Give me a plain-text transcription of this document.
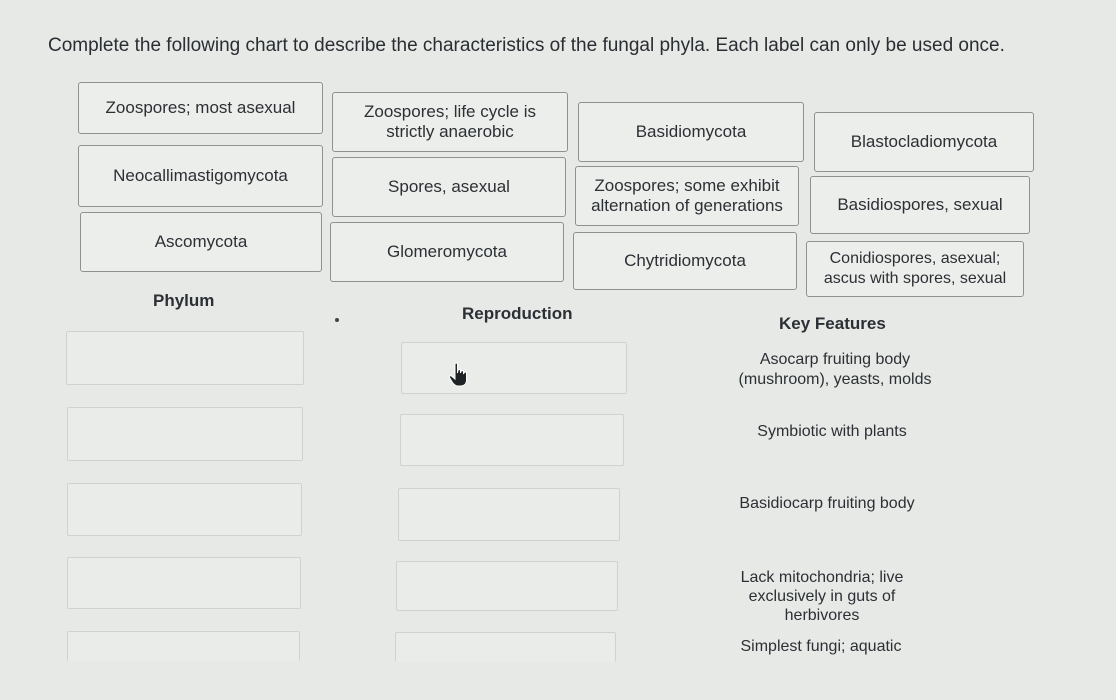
Complete the following chart to describe the characteristics of the fungal phyla. Each label can only be used once.
Zoospores; most asexual	Zoospores; life cycle is strictly anaerobic	Basidiomycota
Blastocladiomycota
Neocallimastigomycota
Spores, asexual	Zoospores; some exhibit alternation of generations	Basidiospores, sexual
Ascomycota
Glomeromycota	Chytridiomycota	Conidiospores, asexual; ascus with spores, sexual
Phylum
Reproduction
Key Features
Asocarp fruiting body (mushroom), yeasts, molds
Symbiotic with plants
Basidiocarp fruiting body
Lack mitochondria; live exclusively in guts of herbivores
Simplest fungi; aquatic
